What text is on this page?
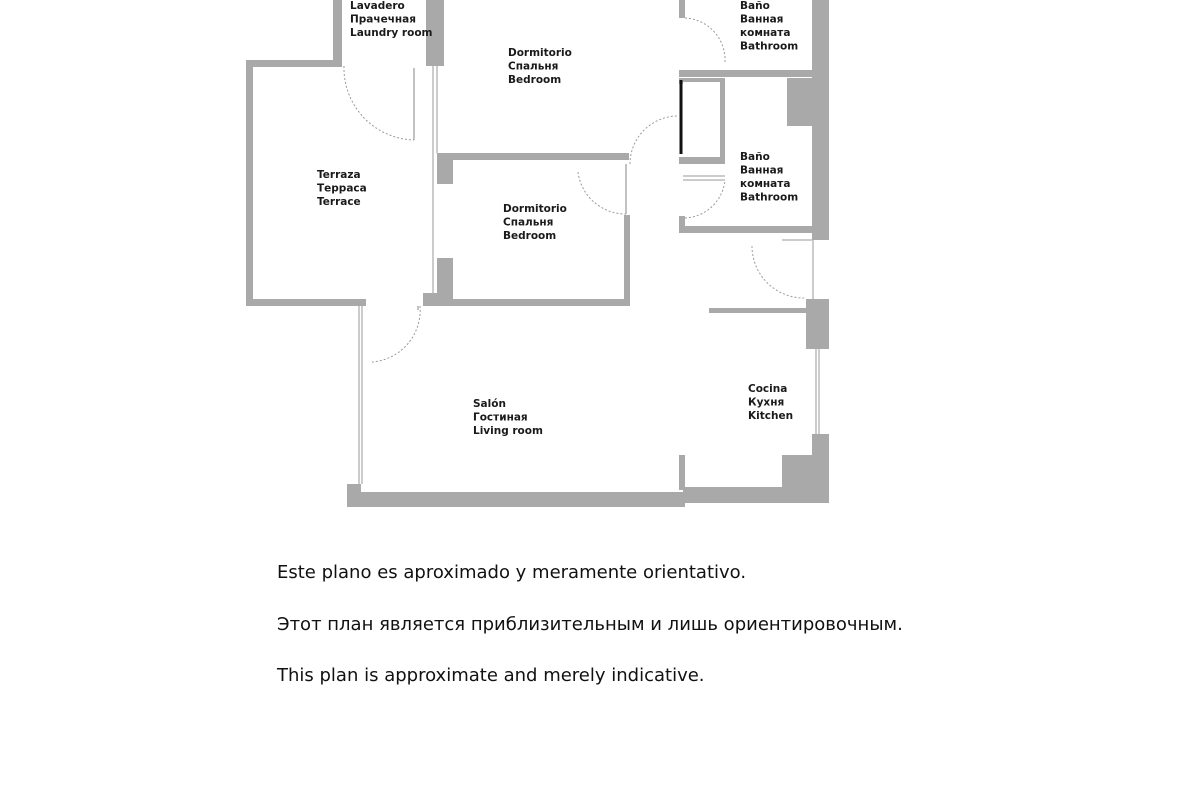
Lavadero Прачечная Laundry room
Dormitorio Спальня Bedroom
Baño Ванная комната Bathroom
Terraza Терраса Terrace
Dormitorio Спальня Bedroom
Baño Ванная комната Bathroom
Salón Гостиная Living room
Cocina Кухня Kitchen

Este plano es aproximado y meramente orientativo.

Этот план является приблизительным и лишь ориентировочным.

This plan is approximate and merely indicative.
